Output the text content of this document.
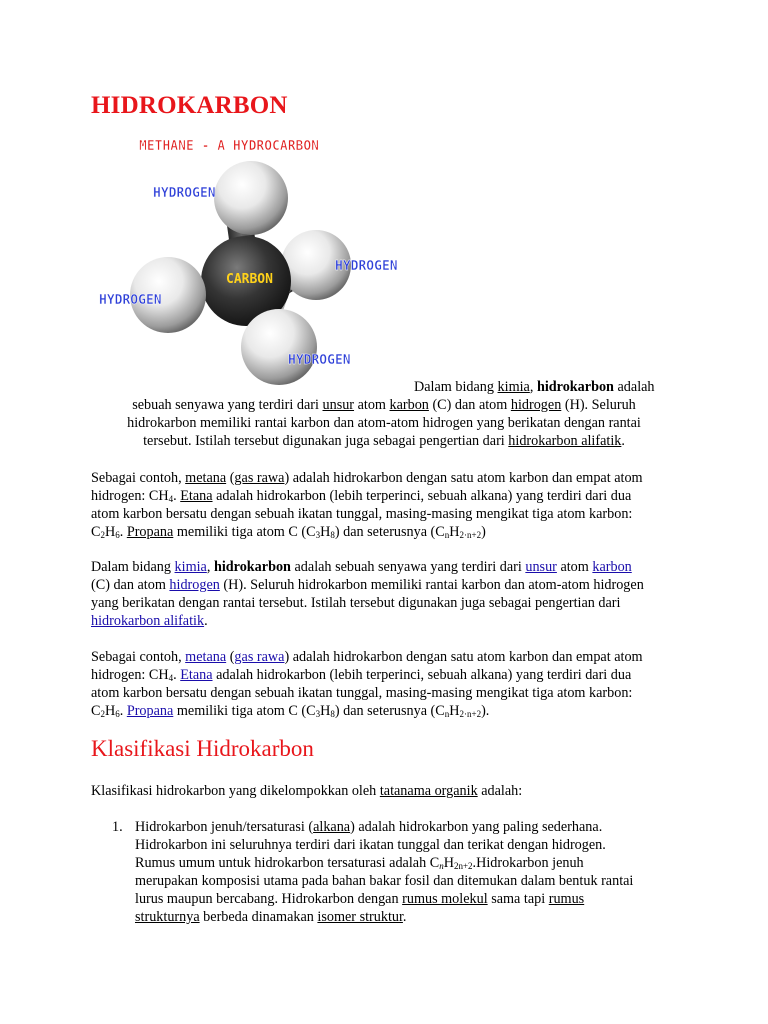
HIDROKARBON
METHANE - A HYDROCARBON
HYDROGEN
HYDROGEN
HYDROGEN
HYDROGEN
CARBON

Dalam bidang kimia, hidrokarbon adalah

sebuah senyawa yang terdiri dari unsur atom karbon (C) dan atom hidrogen (H). Seluruh

hidrokarbon memiliki rantai karbon dan atom-atom hidrogen yang berikatan dengan rantai

tersebut. Istilah tersebut digunakan juga sebagai pengertian dari hidrokarbon alifatik.

Sebagai contoh, metana (gas rawa) adalah hidrokarbon dengan satu atom karbon dan empat atom

hidrogen: $CH_4$. Etana adalah hidrokarbon (lebih terperinci, sebuah alkana) yang terdiri dari dua

atom karbon bersatu dengan sebuah ikatan tunggal, masing-masing mengikat tiga atom karbon:

$C_2H_6$. Propana memiliki tiga atom C $(C_3H_8)$ dan seterusnya $(C_nH_{2\cdot n+2})$

Dalam bidang kimia, hidrokarbon adalah sebuah senyawa yang terdiri dari unsur atom karbon

(C) dan atom hidrogen (H). Seluruh hidrokarbon memiliki rantai karbon dan atom-atom hidrogen

yang berikatan dengan rantai tersebut. Istilah tersebut digunakan juga sebagai pengertian dari

hidrokarbon alifatik.

Sebagai contoh, metana (gas rawa) adalah hidrokarbon dengan satu atom karbon dan empat atom

hidrogen: $CH_4$. Etana adalah hidrokarbon (lebih terperinci, sebuah alkana) yang terdiri dari dua

atom karbon bersatu dengan sebuah ikatan tunggal, masing-masing mengikat tiga atom karbon:

$C_2H_6$. Propana memiliki tiga atom C $(C_3H_8)$ dan seterusnya $(C_nH_{2\cdot n+2})$.

Klasifikasi Hidrokarbon

Klasifikasi hidrokarbon yang dikelompokkan oleh tatanama organik adalah:

1. Hidrokarbon jenuh/tersaturasi (alkana) adalah hidrokarbon yang paling sederhana.
Hidrokarbon ini seluruhnya terdiri dari ikatan tunggal dan terikat dengan hidrogen.
Rumus umum untuk hidrokarbon tersaturasi adalah $C_nH_{2n+2}.Hidrokarbon$ jenuh
merupakan komposisi utama pada bahan bakar fosil dan ditemukan dalam bentuk rantai
lurus maupun bercabang. Hidrokarbon dengan rumus molekul sama tapi rumus
strukturnya berbeda dinamakan isomer struktur.
